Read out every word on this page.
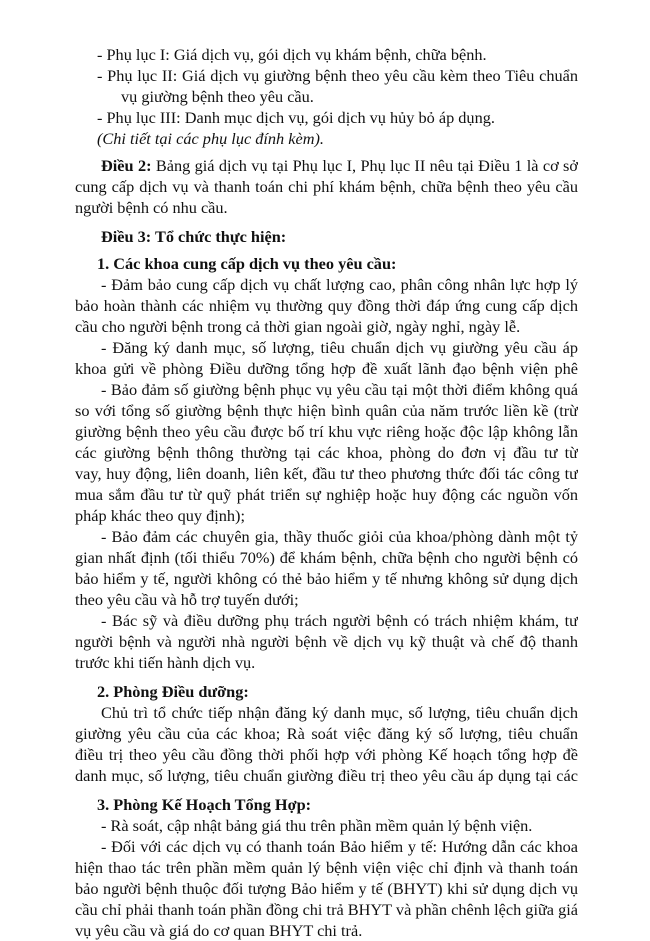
- Phụ lục I: Giá dịch vụ, gói dịch vụ khám bệnh, chữa bệnh.
- Phụ lục II: Giá dịch vụ giường bệnh theo yêu cầu kèm theo Tiêu chuẩn
vụ giường bệnh theo yêu cầu.
- Phụ lục III: Danh mục dịch vụ, gói dịch vụ hủy bỏ áp dụng.
(Chi tiết tại các phụ lục đính kèm).
Điều 2: Bảng giá dịch vụ tại Phụ lục I, Phụ lục II nêu tại Điều 1 là cơ sở
cung cấp dịch vụ và thanh toán chi phí khám bệnh, chữa bệnh theo yêu cầu
người bệnh có nhu cầu.
Điều 3: Tổ chức thực hiện:
1. Các khoa cung cấp dịch vụ theo yêu cầu:
- Đảm bảo cung cấp dịch vụ chất lượng cao, phân công nhân lực hợp lý
bảo hoàn thành các nhiệm vụ thường quy đồng thời đáp ứng cung cấp dịch
cầu cho người bệnh trong cả thời gian ngoài giờ, ngày nghỉ, ngày lễ.
- Đăng ký danh mục, số lượng, tiêu chuẩn dịch vụ giường yêu cầu áp
khoa gửi về phòng Điều dưỡng tổng hợp đề xuất lãnh đạo bệnh viện phê
- Bảo đảm số giường bệnh phục vụ yêu cầu tại một thời điểm không quá
so với tổng số giường bệnh thực hiện bình quân của năm trước liền kề (trừ
giường bệnh theo yêu cầu được bố trí khu vực riêng hoặc độc lập không lẫn
các giường bệnh thông thường tại các khoa, phòng do đơn vị đầu tư từ
vay, huy động, liên doanh, liên kết, đầu tư theo phương thức đối tác công tư
mua sắm đầu tư từ quỹ phát triển sự nghiệp hoặc huy động các nguồn vốn
pháp khác theo quy định);
- Bảo đảm các chuyên gia, thầy thuốc giỏi của khoa/phòng dành một tỷ
gian nhất định (tối thiểu 70%) để khám bệnh, chữa bệnh cho người bệnh có
bảo hiểm y tế, người không có thẻ bảo hiểm y tế nhưng không sử dụng dịch
theo yêu cầu và hỗ trợ tuyến dưới;
- Bác sỹ và điều dưỡng phụ trách người bệnh có trách nhiệm khám, tư
người bệnh và người nhà người bệnh về dịch vụ kỹ thuật và chế độ thanh
trước khi tiến hành dịch vụ.
2. Phòng Điều dưỡng:
Chủ trì tổ chức tiếp nhận đăng ký danh mục, số lượng, tiêu chuẩn dịch
giường yêu cầu của các khoa; Rà soát việc đăng ký số lượng, tiêu chuẩn
điều trị theo yêu cầu đồng thời phối hợp với phòng Kế hoạch tổng hợp đề
danh mục, số lượng, tiêu chuẩn giường điều trị theo yêu cầu áp dụng tại các
3. Phòng Kế Hoạch Tổng Hợp:
- Rà soát, cập nhật bảng giá thu trên phần mềm quản lý bệnh viện.
- Đối với các dịch vụ có thanh toán Bảo hiểm y tế: Hướng dẫn các khoa
hiện thao tác trên phần mềm quản lý bệnh viện việc chỉ định và thanh toán
bảo người bệnh thuộc đối tượng Bảo hiểm y tế (BHYT) khi sử dụng dịch vụ
cầu chỉ phải thanh toán phần đồng chi trả BHYT và phần chênh lệch giữa giá
vụ yêu cầu và giá do cơ quan BHYT chi trả.
